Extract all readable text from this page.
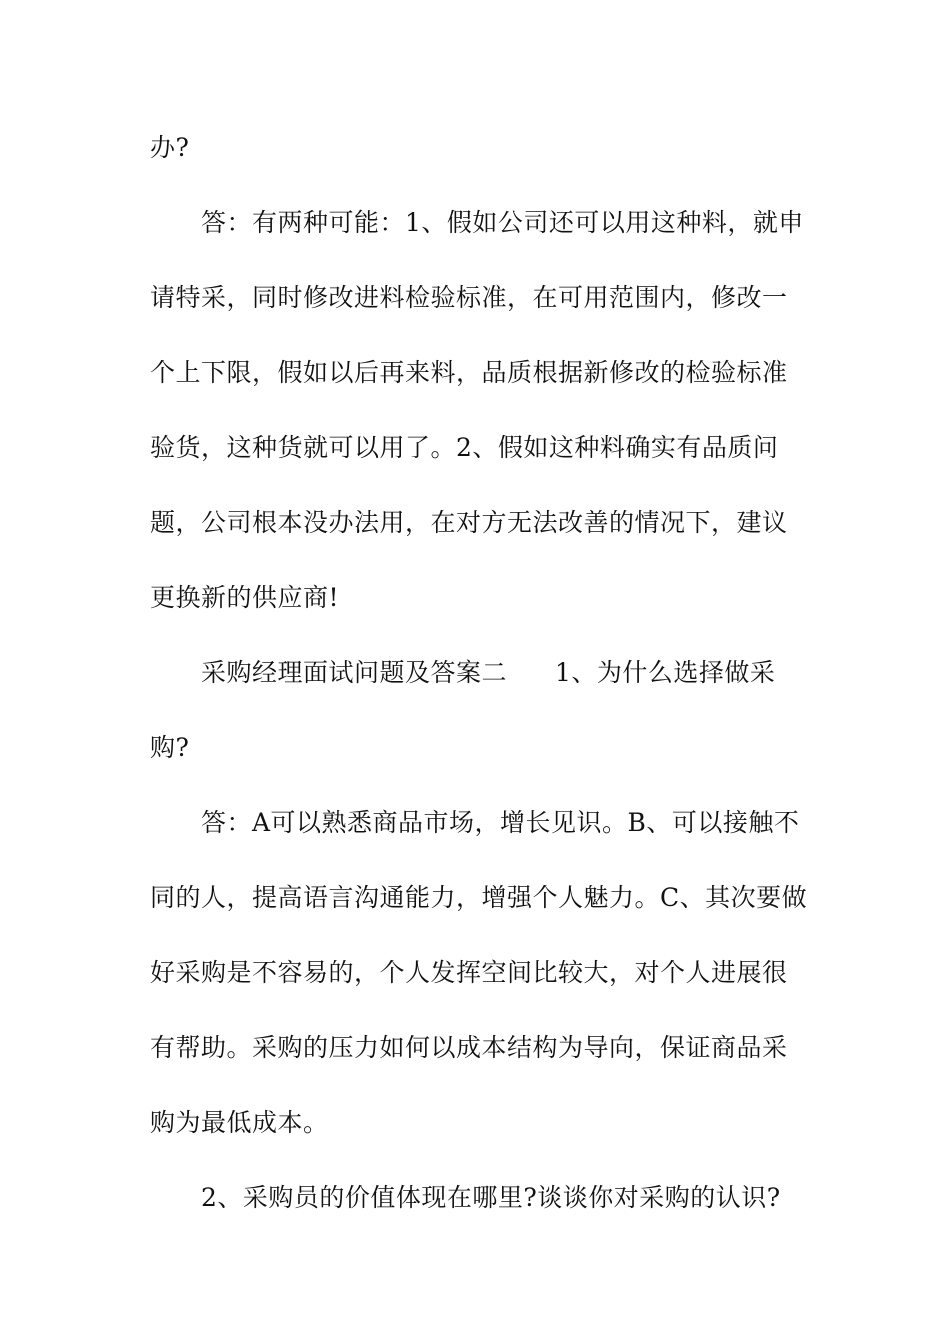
办?
答：有两种可能：1、假如公司还可以用这种料，就申
请特采，同时修改进料检验标准，在可用范围内，修改一
个上下限，假如以后再来料，品质根据新修改的检验标准
验货，这种货就可以用了。2、假如这种料确实有品质问
题，公司根本没办法用，在对方无法改善的情况下，建议
更换新的供应商!
采购经理面试问题及答案二 1、为什么选择做采
购?
答：A可以熟悉商品市场，增长见识。B、可以接触不
同的人，提高语言沟通能力，增强个人魅力。C、其次要做
好采购是不容易的，个人发挥空间比较大，对个人进展很
有帮助。采购的压力如何以成本结构为导向，保证商品采
购为最低成本。
2、采购员的价值体现在哪里?谈谈你对采购的认识?
